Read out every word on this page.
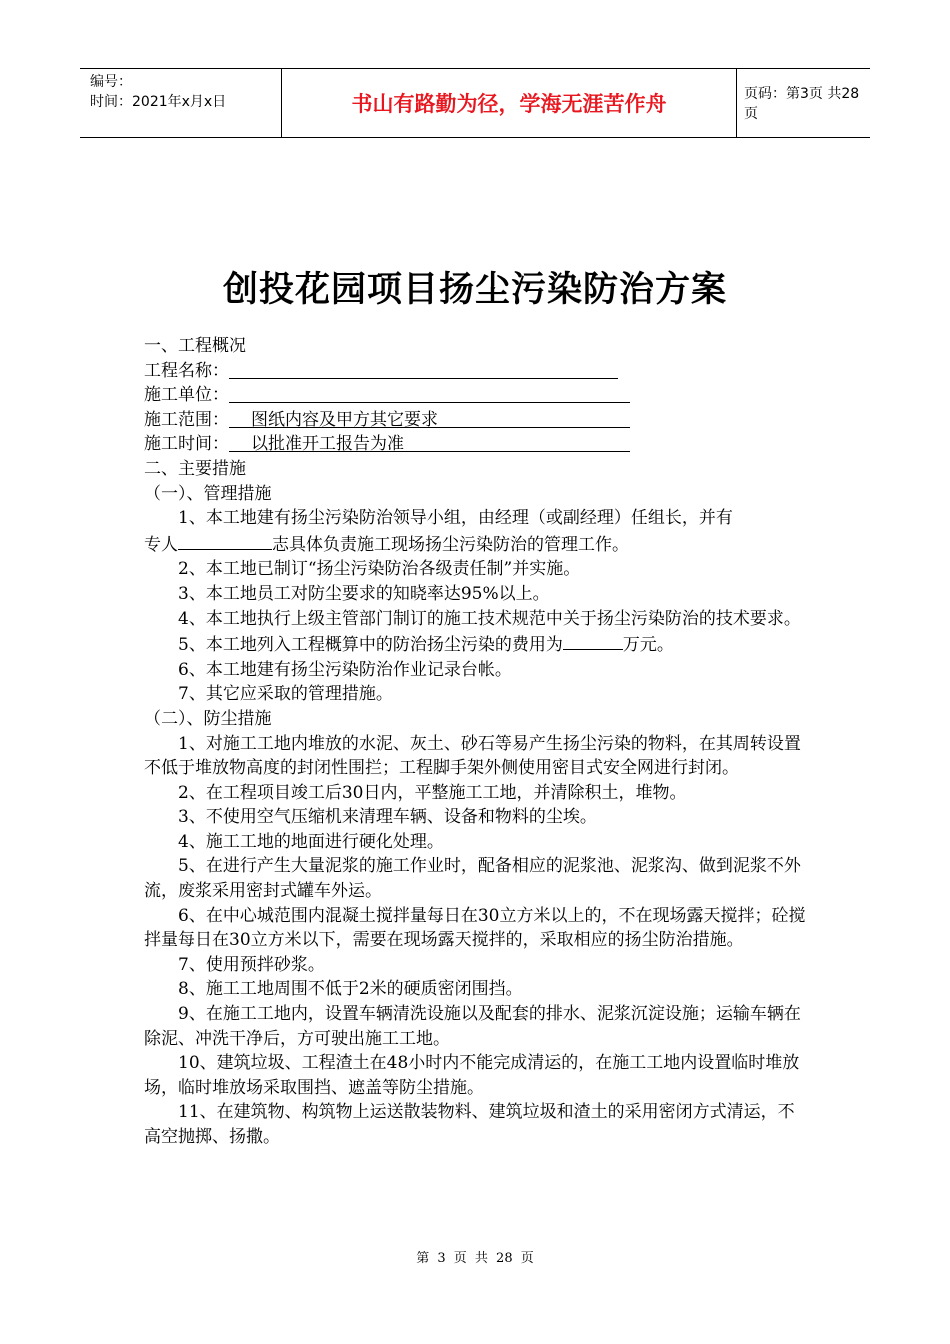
编号：
时间：2021年x月x日	书山有路勤为径，学海无涯苦作舟	页码：第3页 共28页
创投花园项目扬尘污染防治方案

一、工程概况

工程名称：
施工单位：
施工范围：	图纸内容及甲方其它要求
施工时间：	以批准开工报告为准

二、主要措施

（一）、管理措施

1、本工地建有扬尘污染防治领导小组，由经理（或副经理）任组长，并有

专人	志具体负责施工现场扬尘污染防治的管理工作。

2、本工地已制订“扬尘污染防治各级责任制”并实施。

3、本工地员工对防尘要求的知晓率达95%以上。

4、本工地执行上级主管部门制订的施工技术规范中关于扬尘污染防治的技术要求。

5、本工地列入工程概算中的防治扬尘污染的费用为	万元。

6、本工地建有扬尘污染防治作业记录台帐。

7、其它应采取的管理措施。

（二）、防尘措施

1、对施工工地内堆放的水泥、灰土、砂石等易产生扬尘污染的物料，在其周转设置不低于堆放物高度的封闭性围拦；工程脚手架外侧使用密目式安全网进行封闭。

2、在工程项目竣工后30日内，平整施工工地，并清除积土，堆物。

3、不使用空气压缩机来清理车辆、设备和物料的尘埃。

4、施工工地的地面进行硬化处理。

5、在进行产生大量泥浆的施工作业时，配备相应的泥浆池、泥浆沟、做到泥浆不外流，废浆采用密封式罐车外运。

6、在中心城范围内混凝土搅拌量每日在30立方米以上的，不在现场露天搅拌；砼搅拌量每日在30立方米以下，需要在现场露天搅拌的，采取相应的扬尘防治措施。

7、使用预拌砂浆。

8、施工工地周围不低于2米的硬质密闭围挡。

9、在施工工地内，设置车辆清洗设施以及配套的排水、泥浆沉淀设施；运输车辆在除泥、冲洗干净后，方可驶出施工工地。

10、建筑垃圾、工程渣土在48小时内不能完成清运的，在施工工地内设置临时堆放场，临时堆放场采取围挡、遮盖等防尘措施。

11、在建筑物、构筑物上运送散装物料、建筑垃圾和渣土的采用密闭方式清运，不高空抛掷、扬撒。

第 3 页 共 28 页
